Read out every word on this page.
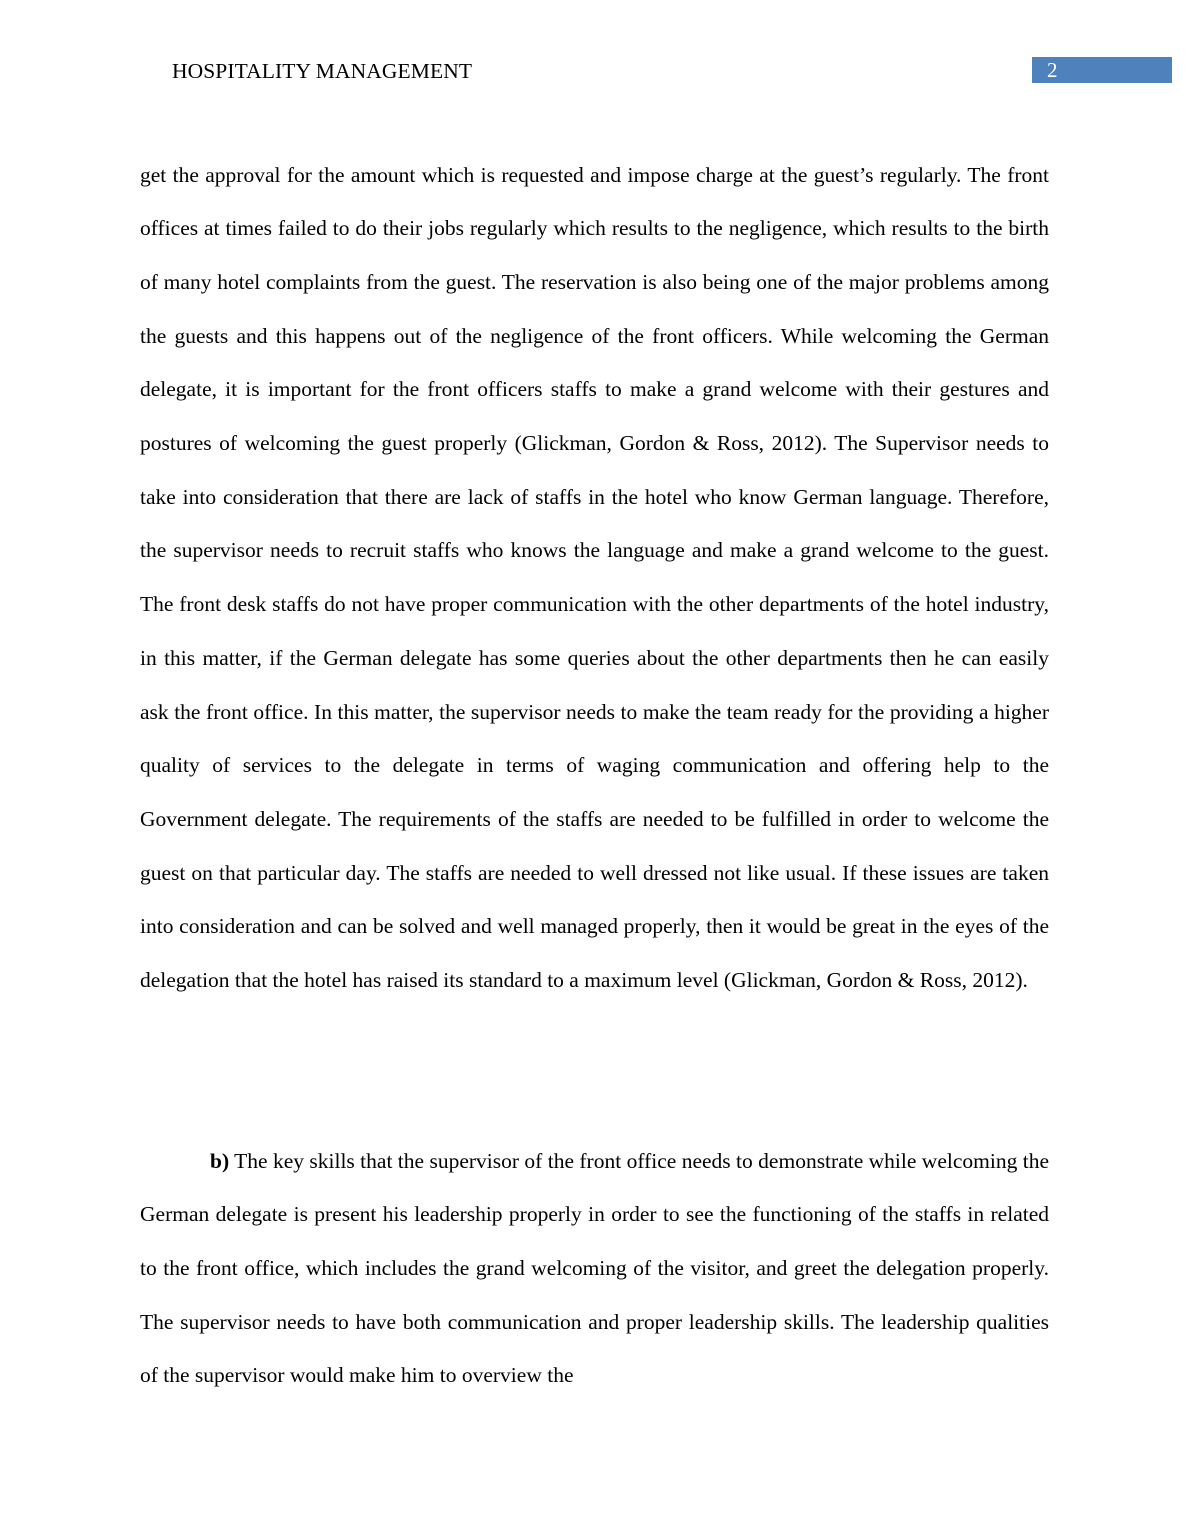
HOSPITALITY MANAGEMENT	2

get the approval for the amount which is requested and impose charge at the guest’s regularly. The front offices at times failed to do their jobs regularly which results to the negligence, which results to the birth of many hotel complaints from the guest. The reservation is also being one of the major problems among the guests and this happens out of the negligence of the front officers. While welcoming the German delegate, it is important for the front officers staffs to make a grand welcome with their gestures and postures of welcoming the guest properly (Glickman, Gordon & Ross, 2012). The Supervisor needs to take into consideration that there are lack of staffs in the hotel who know German language. Therefore, the supervisor needs to recruit staffs who knows the language and make a grand welcome to the guest. The front desk staffs do not have proper communication with the other departments of the hotel industry, in this matter, if the German delegate has some queries about the other departments then he can easily ask the front office. In this matter, the supervisor needs to make the team ready for the providing a higher quality of services to the delegate in terms of waging communication and offering help to the Government delegate. The requirements of the staffs are needed to be fulfilled in order to welcome the guest on that particular day. The staffs are needed to well dressed not like usual. If these issues are taken into consideration and can be solved and well managed properly, then it would be great in the eyes of the delegation that the hotel has raised its standard to a maximum level (Glickman, Gordon & Ross, 2012).

b) The key skills that the supervisor of the front office needs to demonstrate while welcoming the German delegate is present his leadership properly in order to see the functioning of the staffs in related to the front office, which includes the grand welcoming of the visitor, and greet the delegation properly. The supervisor needs to have both communication and proper leadership skills. The leadership qualities of the supervisor would make him to overview the
